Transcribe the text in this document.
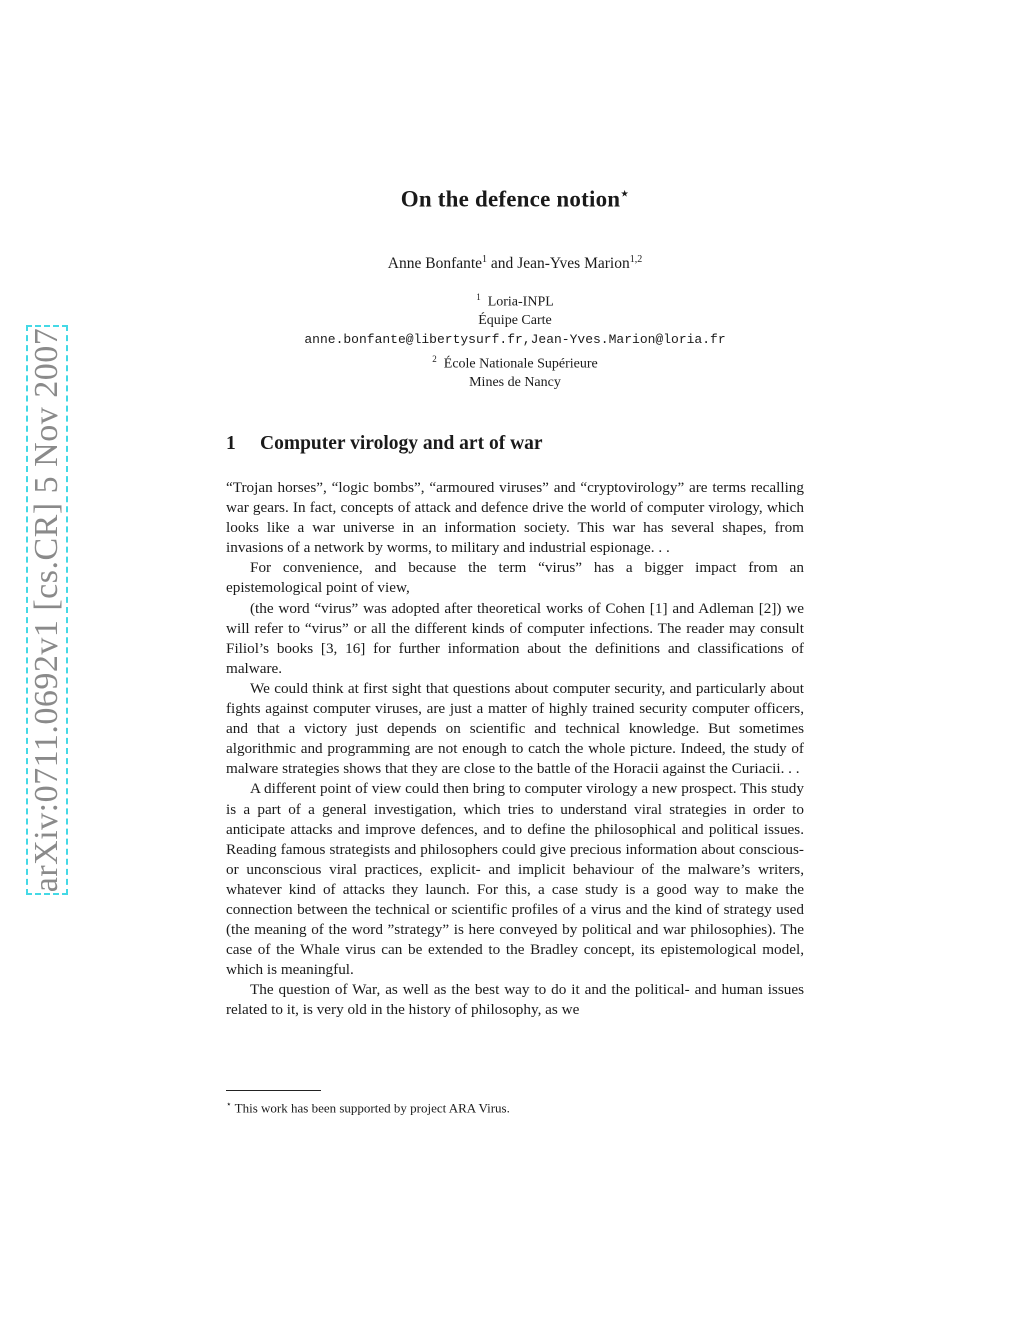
arXiv:0711.0692v1 [cs.CR] 5 Nov 2007
On the defence notion⋆
Anne Bonfante$^1$ and Jean-Yves Marion$^{1,2}$
$^1$ Loria-INPL
Équipe Carte
anne.bonfante@libertysurf.fr,Jean-Yves.Marion@loria.fr
$^2$ École Nationale Supérieure
Mines de Nancy
1 Computer virology and art of war

“Trojan horses”, “logic bombs”, “armoured viruses” and “cryptovirology” are terms recalling war gears. In fact, concepts of attack and defence drive the world of computer virology, which looks like a war universe in an information society. This war has several shapes, from invasions of a network by worms, to military and industrial espionage. . .

For convenience, and because the term “virus” has a bigger impact from an epistemological point of view,

(the word “virus” was adopted after theoretical works of Cohen [1] and Adleman [2]) we will refer to “virus” or all the different kinds of computer infections. The reader may consult Filiol’s books [3, 16] for further information about the definitions and classifications of malware.

We could think at first sight that questions about computer security, and particularly about fights against computer viruses, are just a matter of highly trained security computer officers, and that a victory just depends on scientific and technical knowledge. But sometimes algorithmic and programming are not enough to catch the whole picture. Indeed, the study of malware strategies shows that they are close to the battle of the Horacii against the Curiacii. . .

A different point of view could then bring to computer virology a new prospect. This study is a part of a general investigation, which tries to understand viral strategies in order to anticipate attacks and improve defences, and to define the philosophical and political issues. Reading famous strategists and philosophers could give precious information about conscious- or unconscious viral practices, explicit- and implicit behaviour of the malware’s writers, whatever kind of attacks they launch. For this, a case study is a good way to make the connection between the technical or scientific profiles of a virus and the kind of strategy used (the meaning of the word ”strategy” is here conveyed by political and war philosophies). The case of the Whale virus can be extended to the Bradley concept, its epistemological model, which is meaningful.

The question of War, as well as the best way to do it and the political- and human issues related to it, is very old in the history of philosophy, as we

⋆ This work has been supported by project ARA Virus.
